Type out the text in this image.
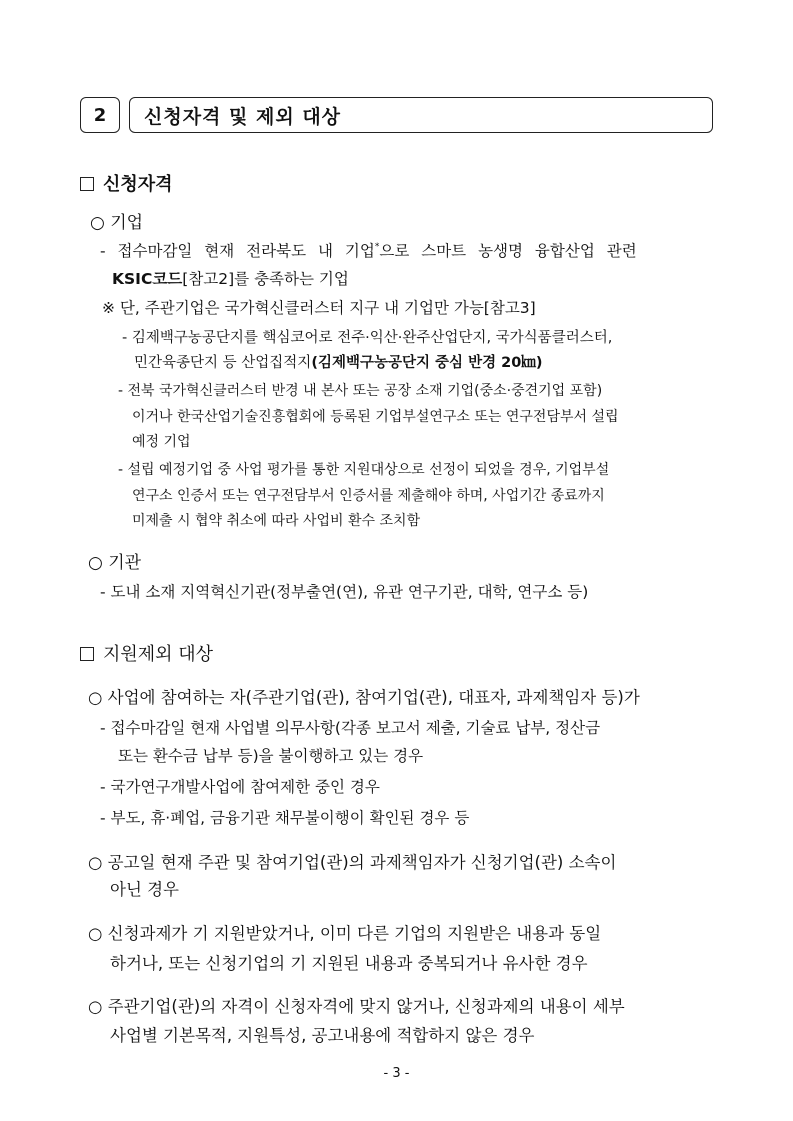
2	신청자격 및 제외 대상
신청자격
○ 기업
- 접수마감일 현재 전라북도 내 기업*으로 스마트 농생명 융합산업 관련
KSIC코드[참고2]를 충족하는 기업
※ 단, 주관기업은 국가혁신클러스터 지구 내 기업만 가능[참고3]
- 김제백구농공단지를 핵심코어로 전주·익산·완주산업단지, 국가식품클러스터,
민간육종단지 등 산업집적지(김제백구농공단지 중심 반경 20㎞)
- 전북 국가혁신클러스터 반경 내 본사 또는 공장 소재 기업(중소·중견기업 포함)
이거나 한국산업기술진흥협회에 등록된 기업부설연구소 또는 연구전담부서 설립
예정 기업
- 설립 예정기업 중 사업 평가를 통한 지원대상으로 선정이 되었을 경우, 기업부설
연구소 인증서 또는 연구전담부서 인증서를 제출해야 하며, 사업기간 종료까지
미제출 시 협약 취소에 따라 사업비 환수 조치함
○ 기관
- 도내 소재 지역혁신기관(정부출연(연), 유관 연구기관, 대학, 연구소 등)
지원제외 대상
○ 사업에 참여하는 자(주관기업(관), 참여기업(관), 대표자, 과제책임자 등)가
- 접수마감일 현재 사업별 의무사항(각종 보고서 제출, 기술료 납부, 정산금
또는 환수금 납부 등)을 불이행하고 있는 경우
- 국가연구개발사업에 참여제한 중인 경우
- 부도, 휴·폐업, 금융기관 채무불이행이 확인된 경우 등
○ 공고일 현재 주관 및 참여기업(관)의 과제책임자가 신청기업(관) 소속이
아닌 경우
○ 신청과제가 기 지원받았거나, 이미 다른 기업의 지원받은 내용과 동일
하거나, 또는 신청기업의 기 지원된 내용과 중복되거나 유사한 경우
○ 주관기업(관)의 자격이 신청자격에 맞지 않거나, 신청과제의 내용이 세부
사업별 기본목적, 지원특성, 공고내용에 적합하지 않은 경우
- 3 -
